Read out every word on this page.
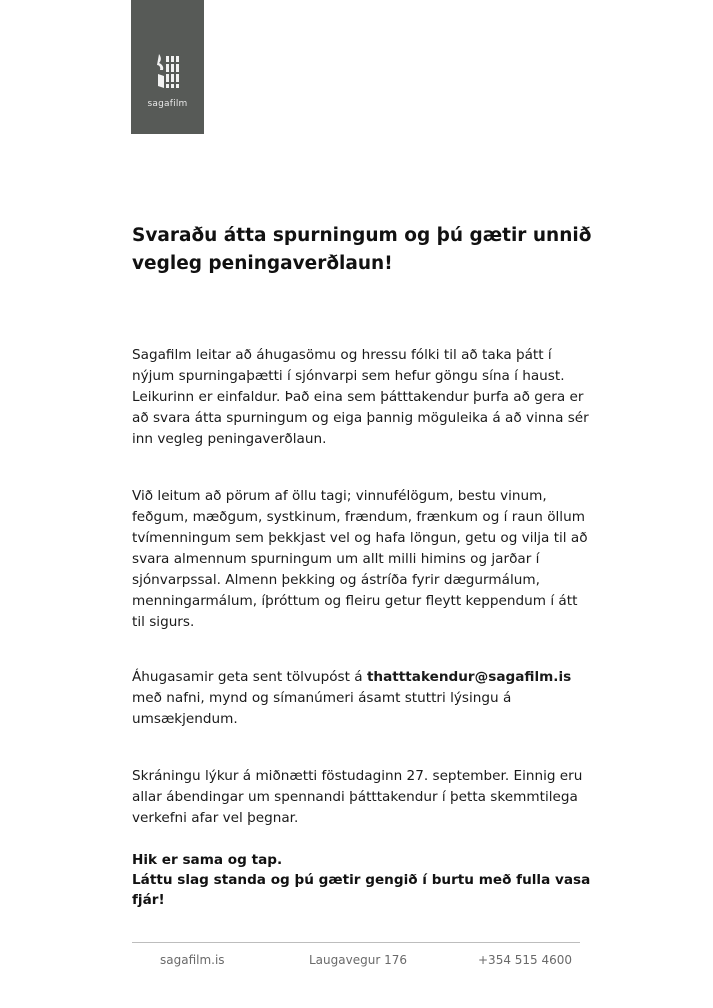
sagafilm
Svaraðu átta spurningum og þú gætir unnið vegleg peningaverðlaun!

Sagafilm leitar að áhugasömu og hressu fólki til að taka þátt í nýjum spurningaþætti í sjónvarpi sem hefur göngu sína í haust. Leikurinn er einfaldur. Það eina sem þátttakendur þurfa að gera er að svara átta spurningum og eiga þannig möguleika á að vinna sér inn vegleg peningaverðlaun.

Við leitum að pörum af öllu tagi; vinnufélögum, bestu vinum, feðgum, mæðgum, systkinum, frændum, frænkum og í raun öllum tvímenningum sem þekkjast vel og hafa löngun, getu og vilja til að svara almennum spurningum um allt milli himins og jarðar í sjónvarpssal. Almenn þekking og ástríða fyrir dægurmálum, menningarmálum, íþróttum og fleiru getur fleytt keppendum í átt til sigurs.

Áhugasamir geta sent tölvupóst á thatttakendur@sagafilm.is með nafni, mynd og símanúmeri ásamt stuttri lýsingu á umsækjendum.

Skráningu lýkur á miðnætti föstudaginn 27. september. Einnig eru allar ábendingar um spennandi þátttakendur í þetta skemmtilega verkefni afar vel þegnar.

Hik er sama og tap.
Láttu slag standa og þú gætir gengið í burtu með fulla vasa fjár!
sagafilm.is	Laugavegur 176	+354 515 4600
